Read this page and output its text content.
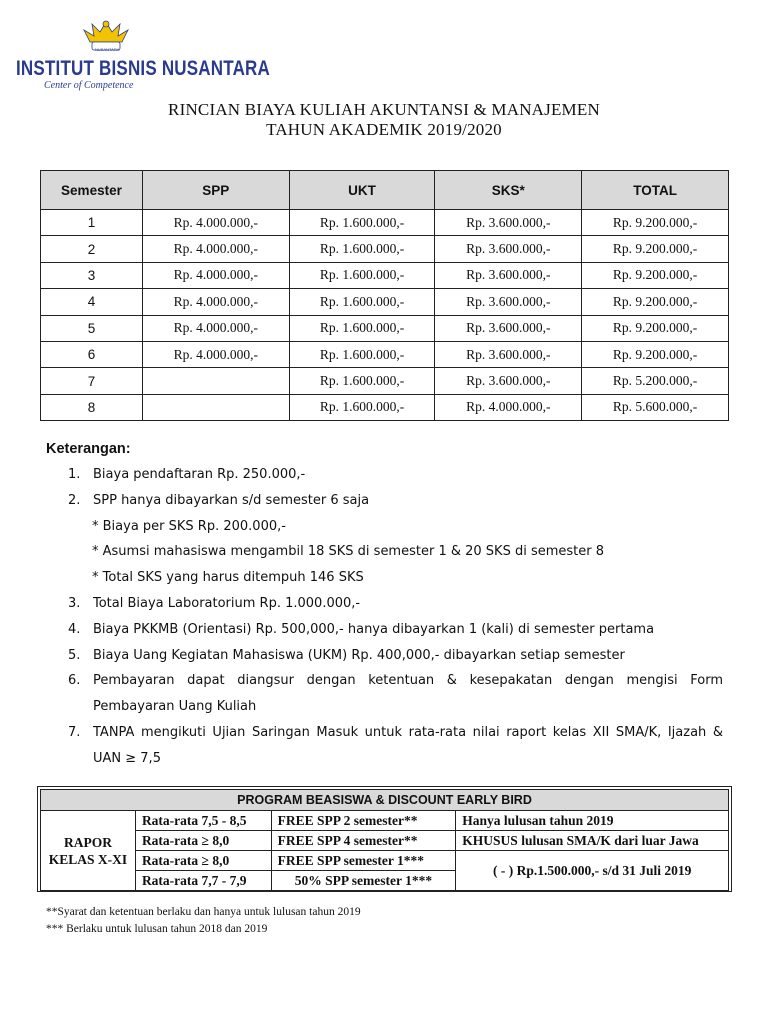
NUSANTARA
INSTITUT BISNIS NUSANTARA
Center of Competence
RINCIAN BIAYA KULIAH AKUNTANSI & MANAJEMEN
TAHUN AKADEMIK 2019/2020
Semester	SPP	UKT	SKS*	TOTAL
1	Rp. 4.000.000,-	Rp. 1.600.000,-	Rp. 3.600.000,-	Rp. 9.200.000,-
2	Rp. 4.000.000,-	Rp. 1.600.000,-	Rp. 3.600.000,-	Rp. 9.200.000,-
3	Rp. 4.000.000,-	Rp. 1.600.000,-	Rp. 3.600.000,-	Rp. 9.200.000,-
4	Rp. 4.000.000,-	Rp. 1.600.000,-	Rp. 3.600.000,-	Rp. 9.200.000,-
5	Rp. 4.000.000,-	Rp. 1.600.000,-	Rp. 3.600.000,-	Rp. 9.200.000,-
6	Rp. 4.000.000,-	Rp. 1.600.000,-	Rp. 3.600.000,-	Rp. 9.200.000,-
7		Rp. 1.600.000,-	Rp. 3.600.000,-	Rp. 5.200.000,-
8		Rp. 1.600.000,-	Rp. 4.000.000,-	Rp. 5.600.000,-
Keterangan:
1. Biaya pendaftaran Rp. 250.000,-
2. SPP hanya dibayarkan s/d semester 6 saja
* Biaya per SKS Rp. 200.000,-
* Asumsi mahasiswa mengambil 18 SKS di semester 1 & 20 SKS di semester 8
* Total SKS yang harus ditempuh 146 SKS
3. Total Biaya Laboratorium Rp. 1.000.000,-
4. Biaya PKKMB (Orientasi) Rp. 500,000,- hanya dibayarkan 1 (kali) di semester pertama
5. Biaya Uang Kegiatan Mahasiswa (UKM) Rp. 400,000,- dibayarkan setiap semester
6. Pembayaran dapat diangsur dengan ketentuan & kesepakatan dengan mengisi Form
Pembayaran Uang Kuliah
7. TANPA mengikuti Ujian Saringan Masuk untuk rata-rata nilai raport kelas XII SMA/K, Ijazah &
UAN ≥ 7,5
PROGRAM BEASISWA & DISCOUNT EARLY BIRD			

RAPOR
KELAS X-XI	Rata-rata 7,5 - 8,5	FREE SPP 2 semester**	Hanya lulusan tahun 2019
	Rata-rata ≥ 8,0	FREE SPP 4 semester**	KHUSUS lulusan SMA/K dari luar Jawa
	Rata-rata ≥ 8,0	FREE SPP semester 1***	( - ) Rp.1.500.000,- s/d 31 Juli 2019
	Rata-rata 7,7 - 7,9	50% SPP semester 1***	
**Syarat dan ketentuan berlaku dan hanya untuk lulusan tahun 2019
*** Berlaku untuk lulusan tahun 2018 dan 2019
